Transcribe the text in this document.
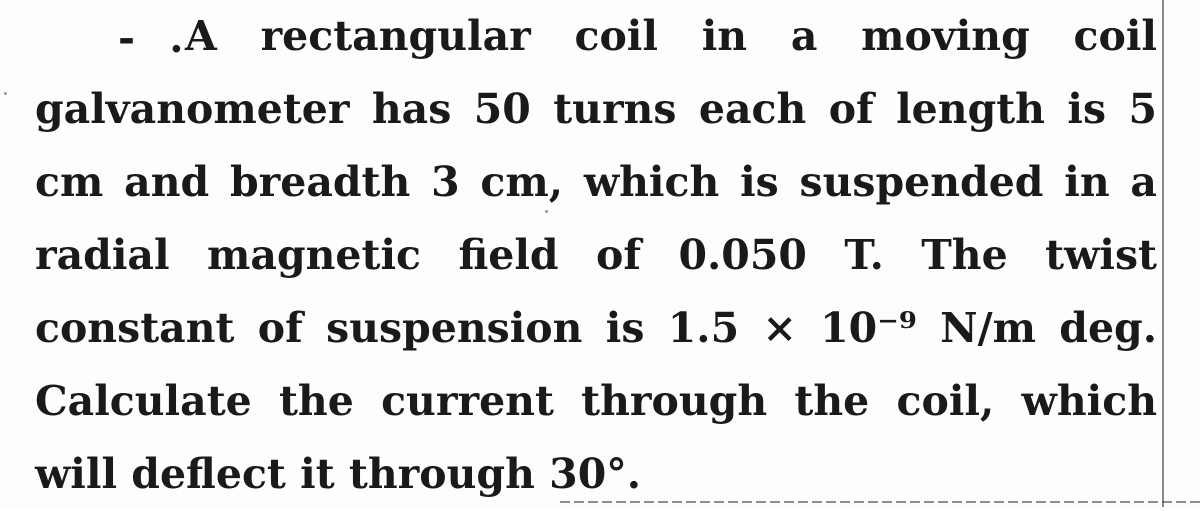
- .
A rectangular coil in a moving coil
galvanometer has 50 turns each of length is 5
cm and breadth 3 cm, which is suspended in a
radial magnetic field of 0.050 T. The twist
constant of suspension is 1.5 × 10⁻⁹ N/m deg.
Calculate the current through the coil, which
will deflect it through 30°.
